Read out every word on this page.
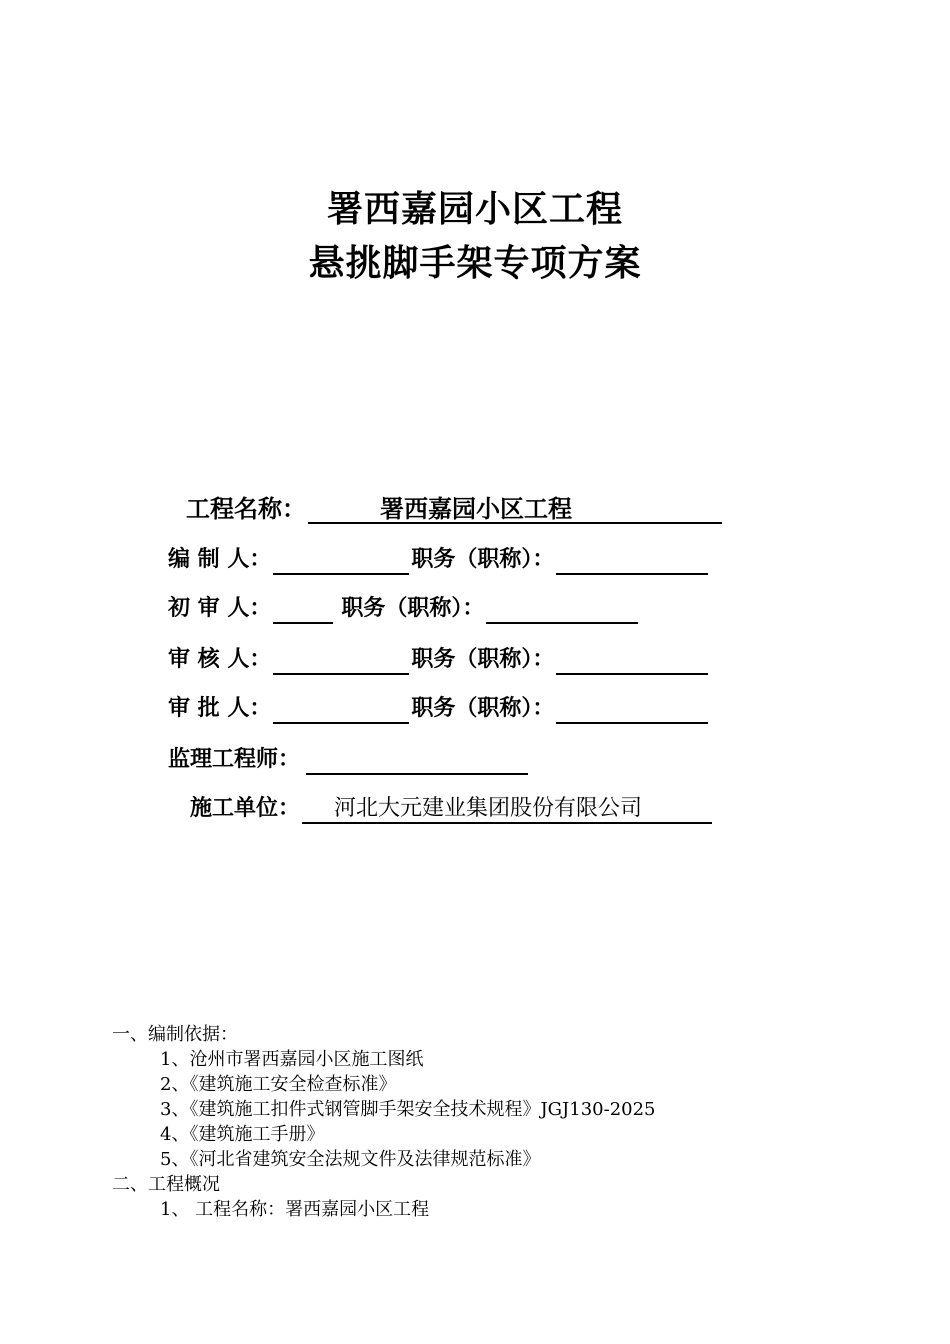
署西嘉园小区工程
悬挑脚手架专项方案
工程名称：	署西嘉园小区工程
编 制 人：	职务（职称）：
初 审 人：	职务（职称）：
审 核 人：	职务（职称）：
审 批 人：	职务（职称）：
监理工程师：
施工单位： 河北大元建业集团股份有限公司

一、编制依据：

1、沧州市署西嘉园小区施工图纸

2、《建筑施工安全检查标准》

3、《建筑施工扣件式钢管脚手架安全技术规程》JGJ130-2025

4、《建筑施工手册》

5、《河北省建筑安全法规文件及法律规范标准》

二、工程概况

1、 工程名称：署西嘉园小区工程
